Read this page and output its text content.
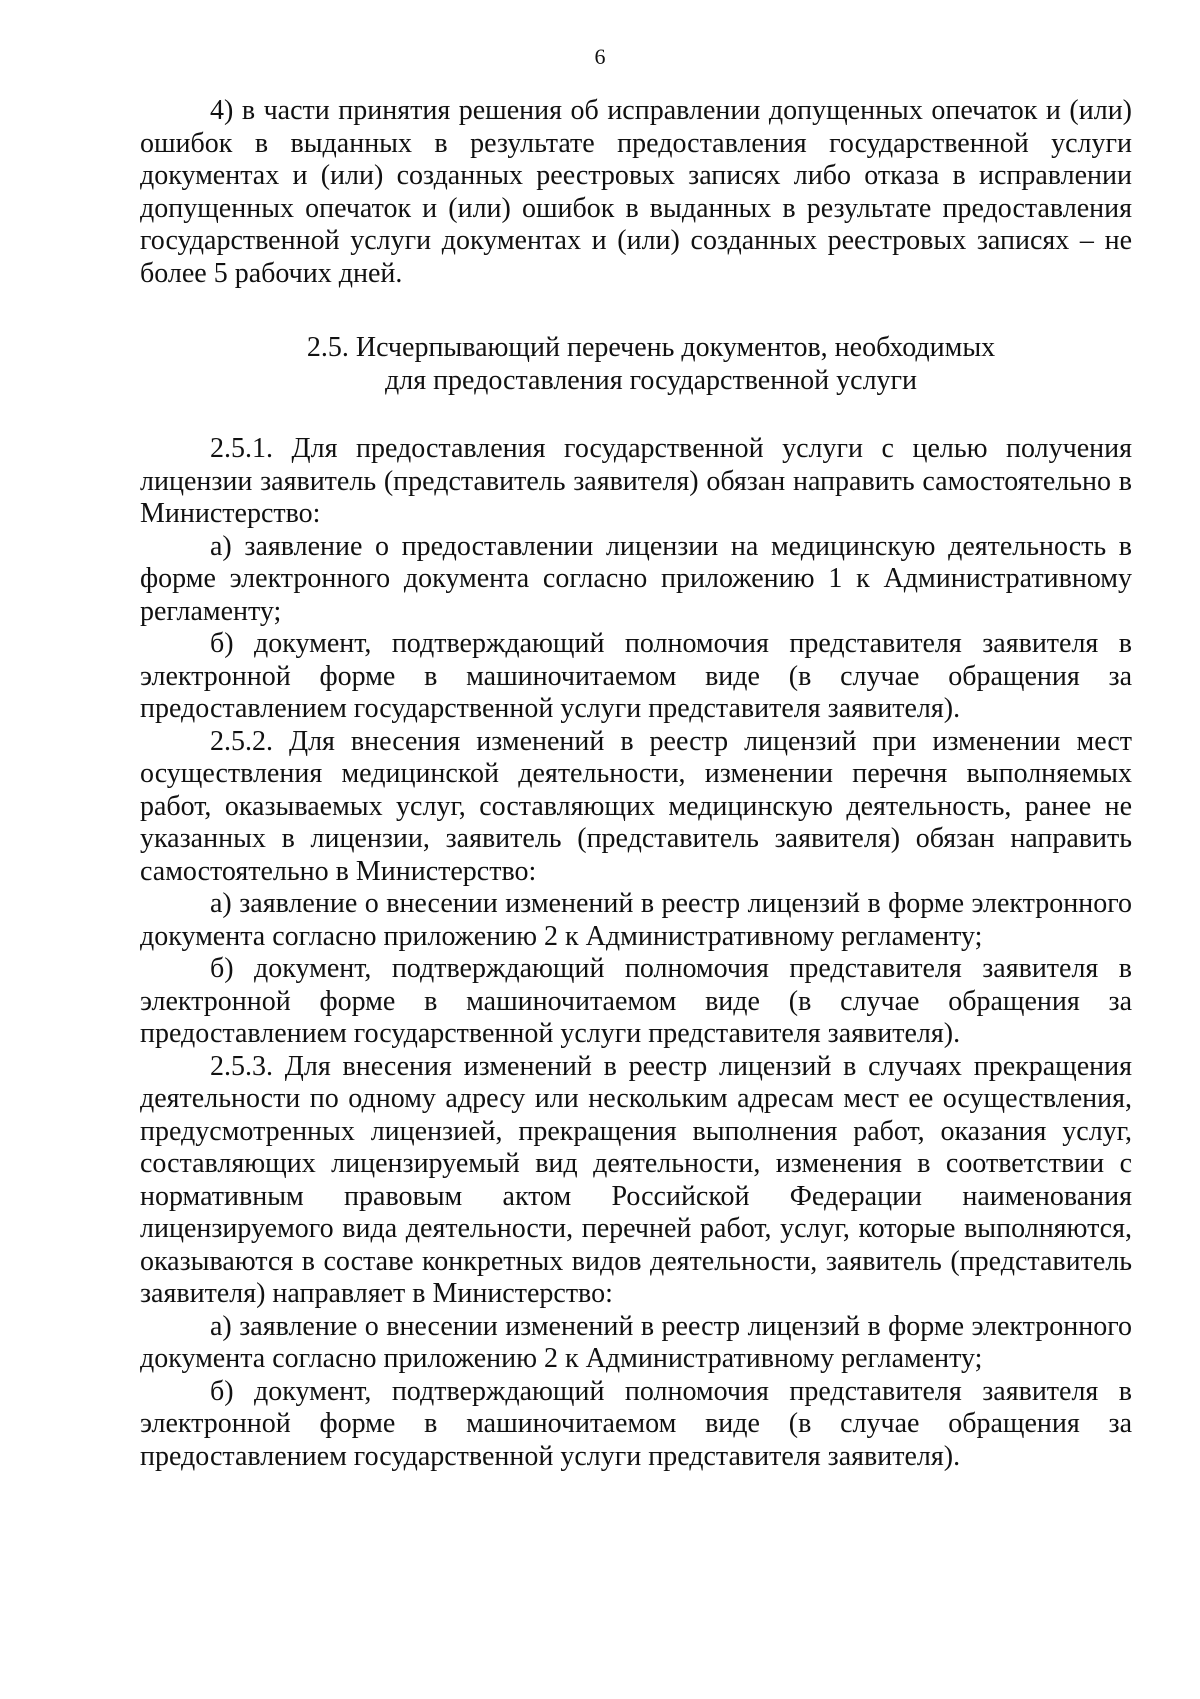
6

4) в части принятия решения об исправлении допущенных опечаток и (или) ошибок в выданных в результате предоставления государственной услуги документах и (или) созданных реестровых записях либо отказа в исправлении допущенных опечаток и (или) ошибок в выданных в результате предоставления государственной услуги документах и (или) созданных реестровых записях – не более 5 рабочих дней.

2.5. Исчерпывающий перечень документов, необходимых
для предоставления государственной услуги

2.5.1. Для предоставления государственной услуги с целью получения лицензии заявитель (представитель заявителя) обязан направить самостоятельно в Министерство:

а) заявление о предоставлении лицензии на медицинскую деятельность в форме электронного документа согласно приложению 1 к Административному регламенту;

б) документ, подтверждающий полномочия представителя заявителя в электронной форме в машиночитаемом виде (в случае обращения за предоставлением государственной услуги представителя заявителя).

2.5.2. Для внесения изменений в реестр лицензий при изменении мест осуществления медицинской деятельности, изменении перечня выполняемых работ, оказываемых услуг, составляющих медицинскую деятельность, ранее не указанных в лицензии, заявитель (представитель заявителя) обязан направить самостоятельно в Министерство:

а) заявление о внесении изменений в реестр лицензий в форме электронного документа согласно приложению 2 к Административному регламенту;

б) документ, подтверждающий полномочия представителя заявителя в электронной форме в машиночитаемом виде (в случае обращения за предоставлением государственной услуги представителя заявителя).

2.5.3. Для внесения изменений в реестр лицензий в случаях прекращения деятельности по одному адресу или нескольким адресам мест ее осуществления, предусмотренных лицензией, прекращения выполнения работ, оказания услуг, составляющих лицензируемый вид деятельности, изменения в соответствии с нормативным правовым актом Российской Федерации наименования лицензируемого вида деятельности, перечней работ, услуг, которые выполняются, оказываются в составе конкретных видов деятельности, заявитель (представитель заявителя) направляет в Министерство:

а) заявление о внесении изменений в реестр лицензий в форме электронного документа согласно приложению 2 к Административному регламенту;

б) документ, подтверждающий полномочия представителя заявителя в электронной форме в машиночитаемом виде (в случае обращения за предоставлением государственной услуги представителя заявителя).
